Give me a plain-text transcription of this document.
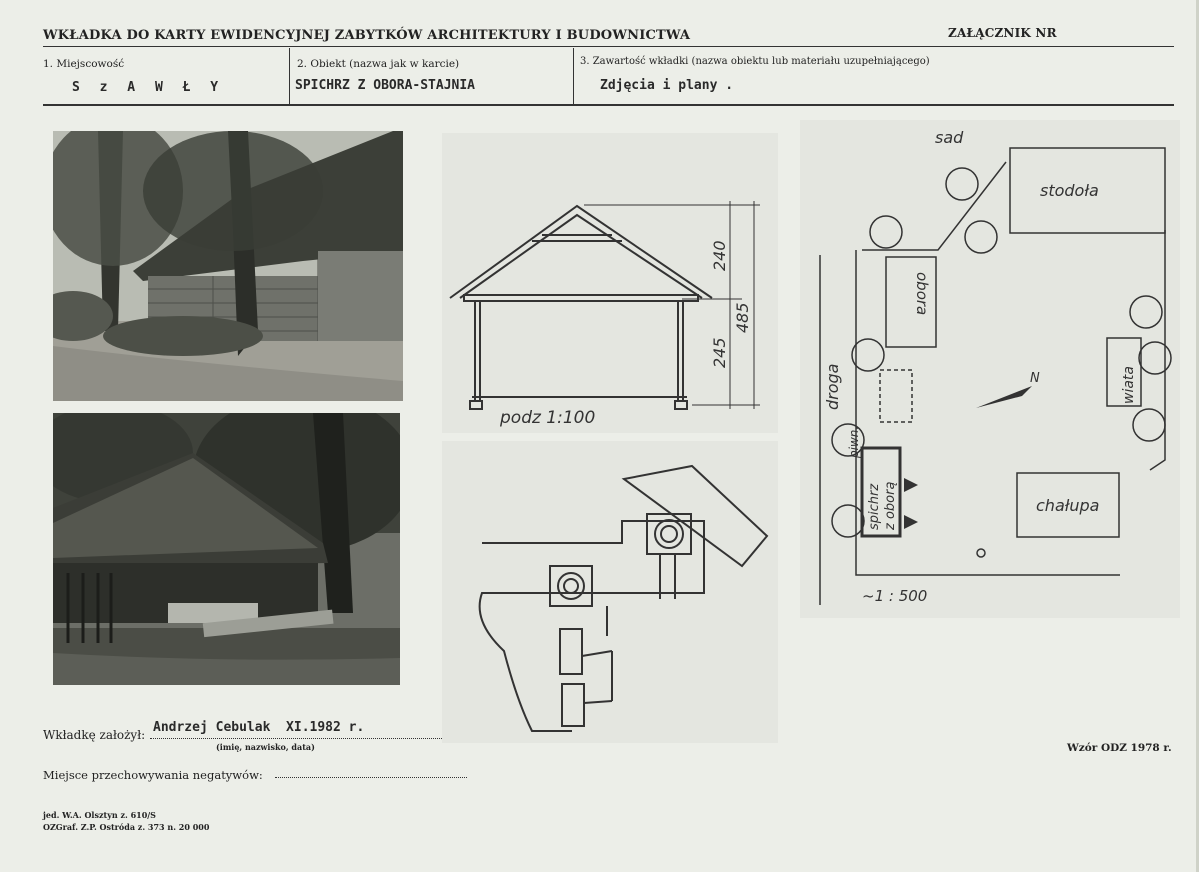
WKŁADKA DO KARTY EWIDENCYJNEJ ZABYTKÓW ARCHITEKTURY I BUDOWNICTWA	ZAŁĄCZNIK NR
1. Miejscowość
S z A W Ł Y
2. Obiekt (nazwa jak w karcie)
SPICHRZ Z OBORA-STAJNIA
3. Zawartość wkładki (nazwa obiektu lub materiału uzupełniającego)
Zdjęcia i plany .
240
245
485
podz 1:100
sad
stodoła
obora
piwn.
wiata
droga
spichrz z oborą	chałupa
N
~1 : 500
Wkładkę założył: Andrzej Cebulak  XI.1982 r.
(imię, nazwisko, data)	Wzór ODZ 1978 r.
Miejsce przechowywania negatywów:
jed. W.A. Olsztyn z. 610/S
OZGraf. Z.P. Ostróda z. 373 n. 20 000
